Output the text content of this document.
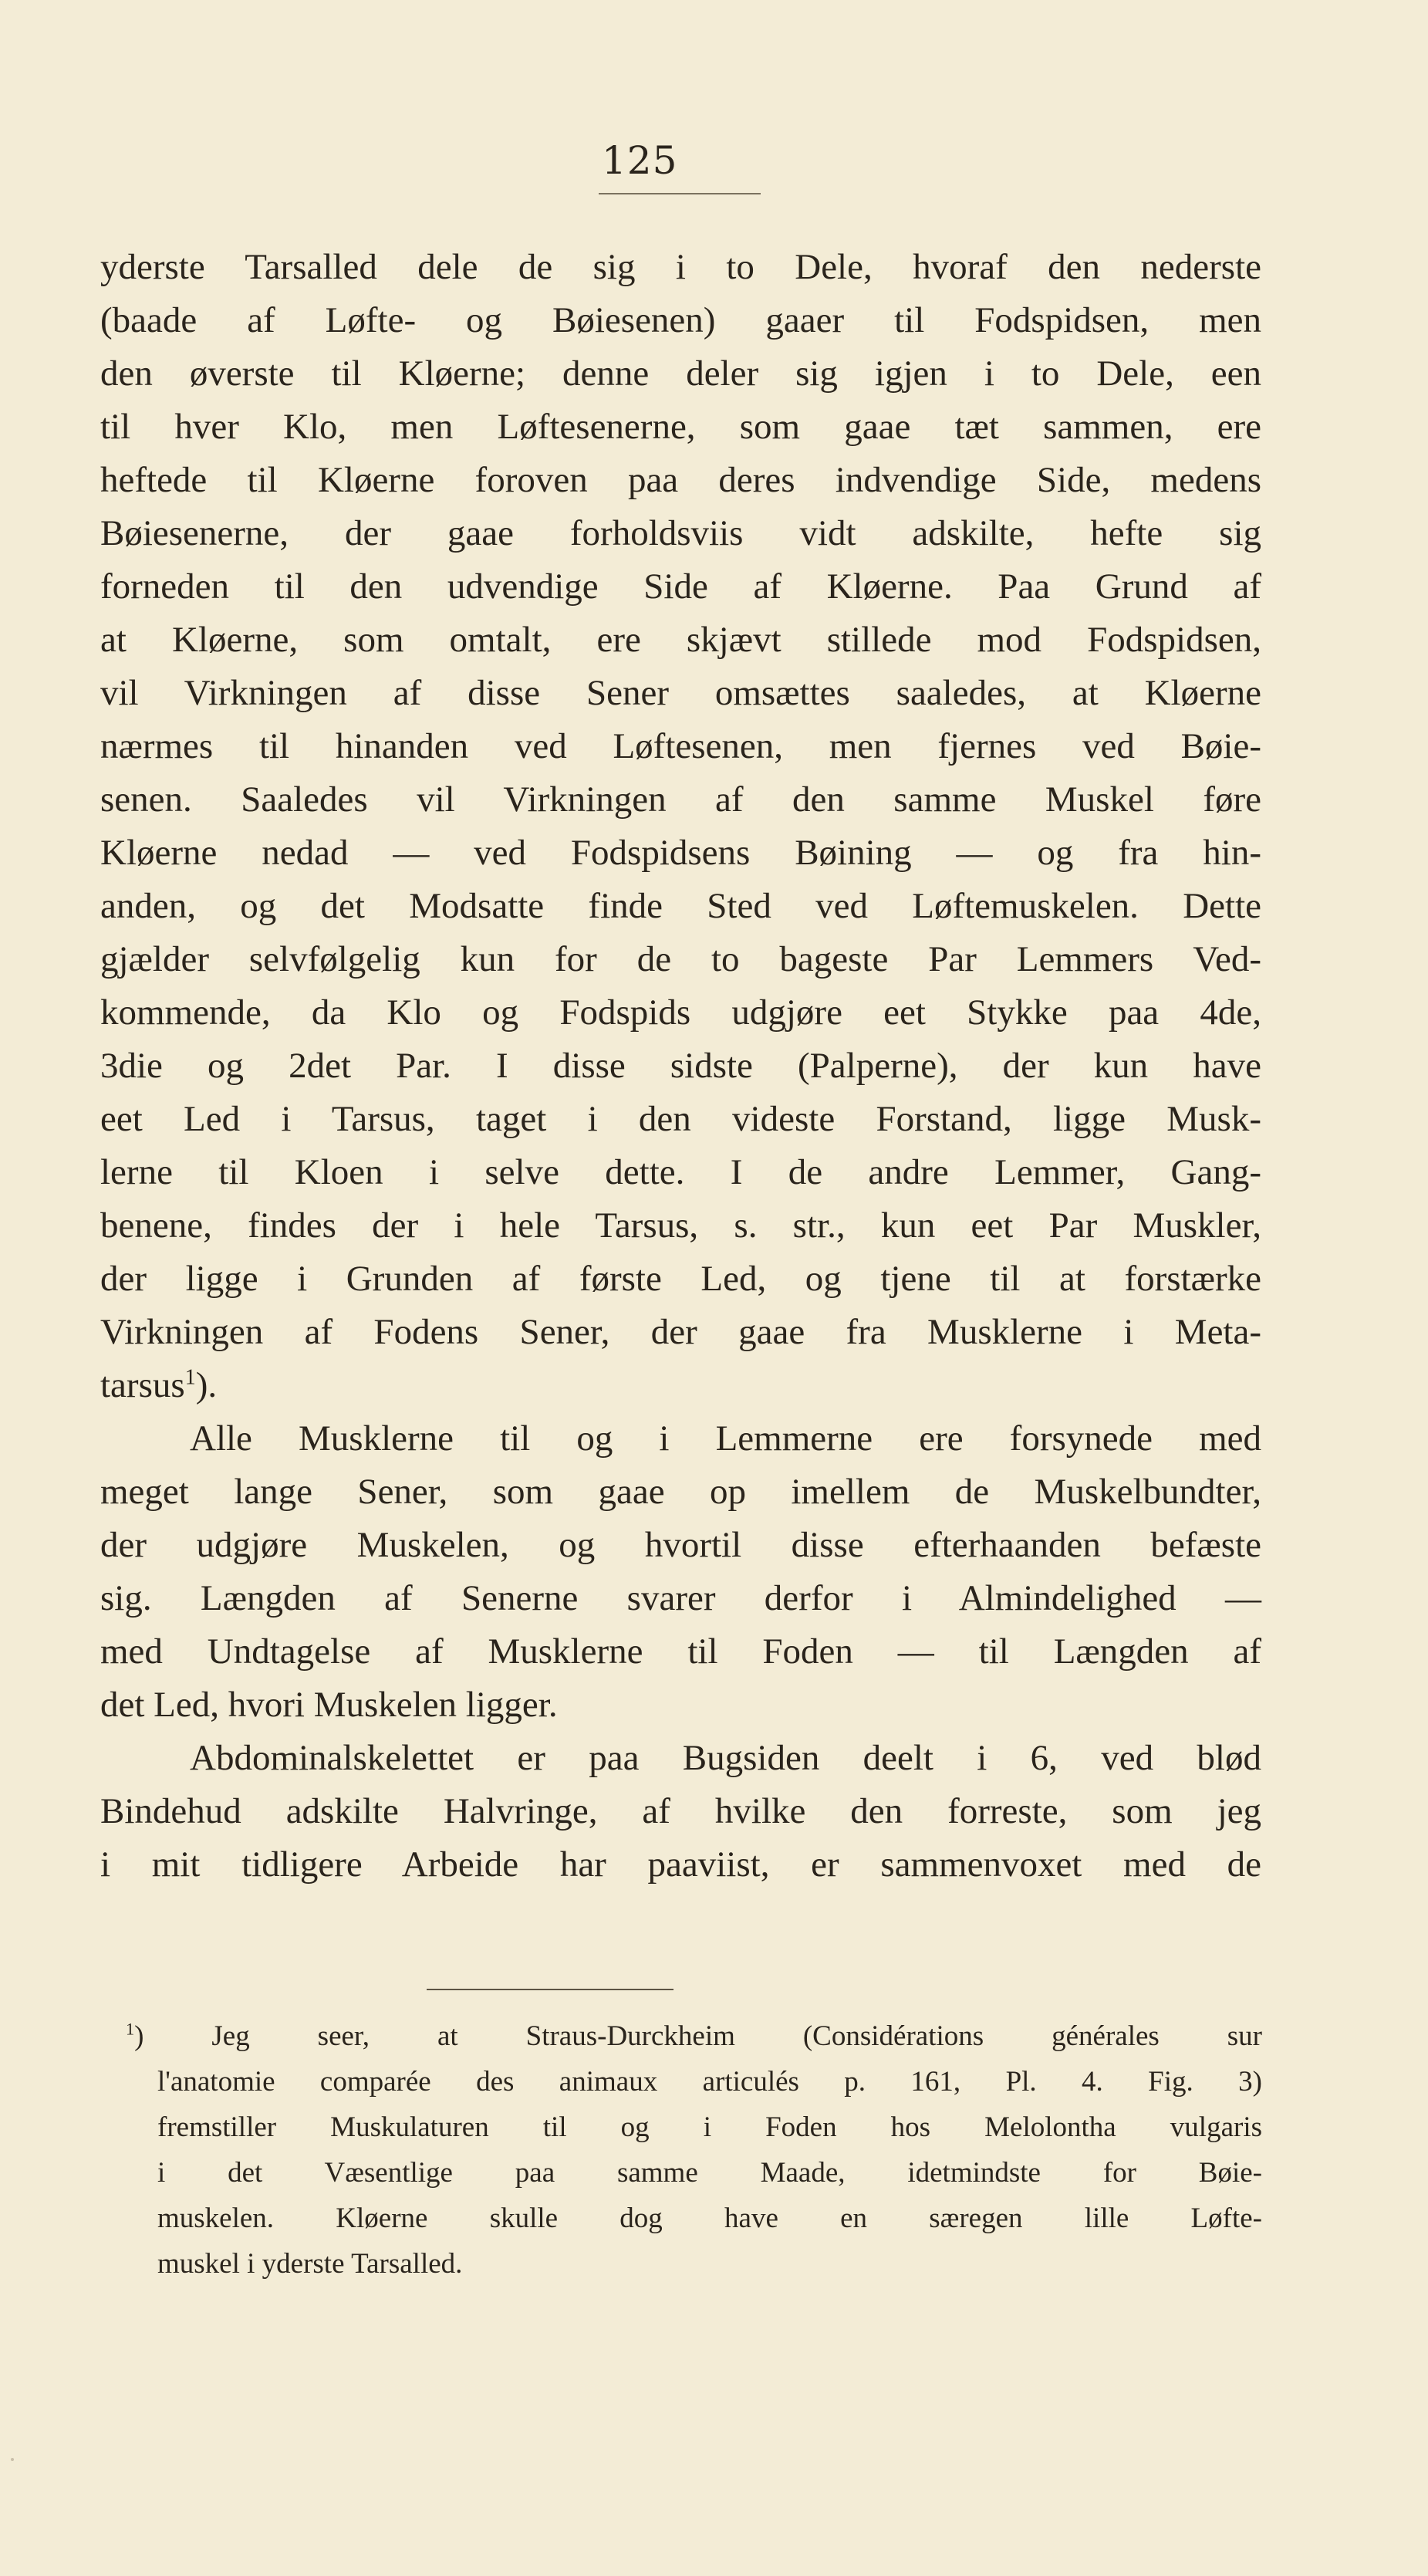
125
yderste Tarsalled dele de sig i to Dele, hvoraf den nederste
(baade af Løfte- og Bøiesenen) gaaer til Fodspidsen, men
den øverste til Kløerne; denne deler sig igjen i to Dele, een
til hver Klo, men Løftesenerne, som gaae tæt sammen, ere
heftede til Kløerne foroven paa deres indvendige Side, medens
Bøiesenerne, der gaae forholdsviis vidt adskilte, hefte sig
forneden til den udvendige Side af Kløerne. Paa Grund af
at Kløerne, som omtalt, ere skjævt stillede mod Fodspidsen,
vil Virkningen af disse Sener omsættes saaledes, at Kløerne
nærmes til hinanden ved Løftesenen, men fjernes ved Bøie-
senen. Saaledes vil Virkningen af den samme Muskel føre
Kløerne nedad — ved Fodspidsens Bøining — og fra hin-
anden, og det Modsatte finde Sted ved Løftemuskelen. Dette
gjælder selvfølgelig kun for de to bageste Par Lemmers Ved-
kommende, da Klo og Fodspids udgjøre eet Stykke paa 4de,
3die og 2det Par. I disse sidste (Palperne), der kun have
eet Led i Tarsus, taget i den videste Forstand, ligge Musk-
lerne til Kloen i selve dette. I de andre Lemmer, Gang-
benene, findes der i hele Tarsus, s. str., kun eet Par Muskler,
der ligge i Grunden af første Led, og tjene til at forstærke
Virkningen af Fodens Sener, der gaae fra Musklerne i Meta-
tarsus$^1$).
Alle Musklerne til og i Lemmerne ere forsynede med
meget lange Sener, som gaae op imellem de Muskelbundter,
der udgjøre Muskelen, og hvortil disse efterhaanden befæste
sig. Længden af Senerne svarer derfor i Almindelighed —
med Undtagelse af Musklerne til Foden — til Længden af
det Led, hvori Muskelen ligger.
Abdominalskelettet er paa Bugsiden deelt i 6, ved blød
Bindehud adskilte Halvringe, af hvilke den forreste, som jeg
i mit tidligere Arbeide har paaviist, er sammenvoxet med de
$^1$) Jeg seer, at Straus-Durckheim (Considérations générales sur
l'anatomie comparée des animaux articulés p. 161, Pl. 4. Fig. 3)
fremstiller Muskulaturen til og i Foden hos Melolontha vulgaris
i det Væsentlige paa samme Maade, idetmindste for Bøie-
muskelen. Kløerne skulle dog have en særegen lille Løfte-
muskel i yderste Tarsalled.
